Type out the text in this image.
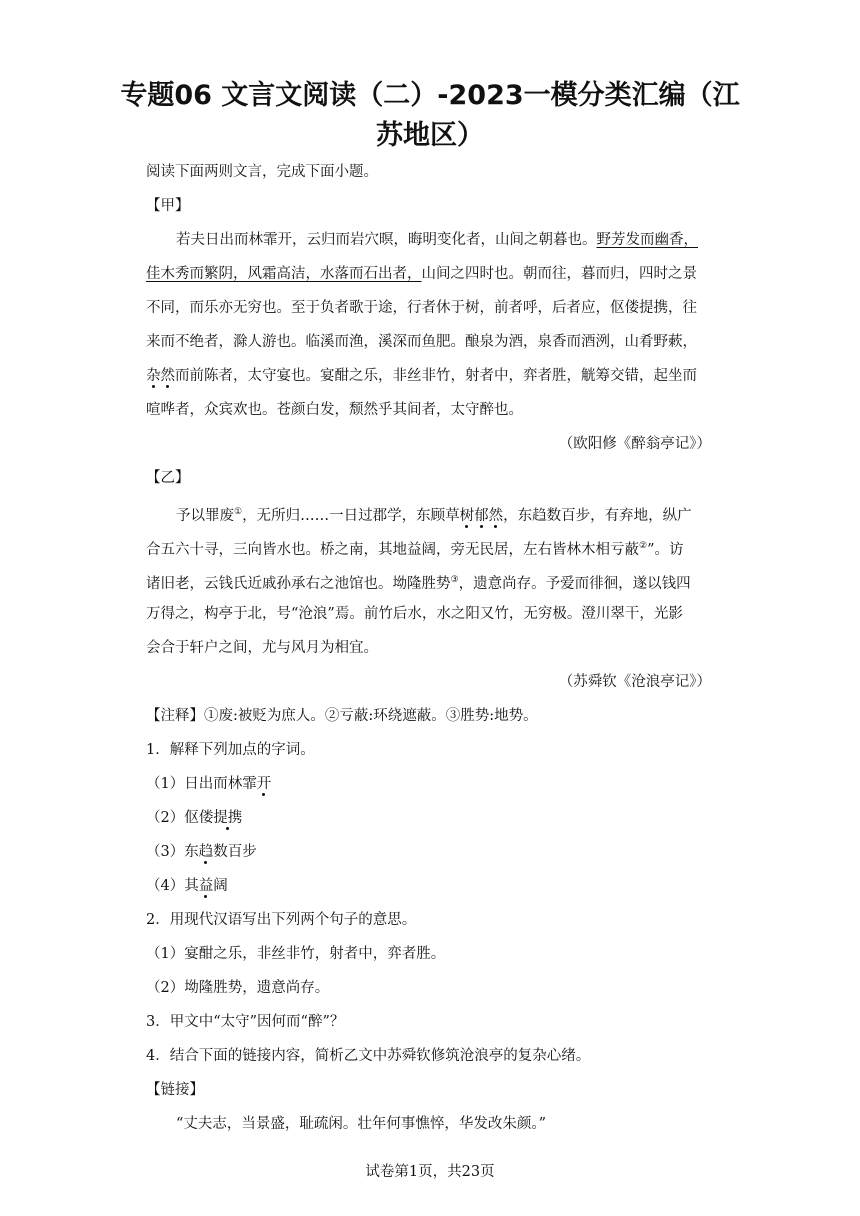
专题06 文言文阅读（二）-2023一模分类汇编（江
苏地区）
阅读下面两则文言，完成下面小题。
【甲】
若夫日出而林霏开，云归而岩穴暝，晦明变化者，山间之朝暮也。野芳发而幽香，
佳木秀而繁阴，风霜高洁，水落而石出者，山间之四时也。朝而往，暮而归，四时之景
不同，而乐亦无穷也。至于负者歌于途，行者休于树，前者呼，后者应，伛偻提携，往
来而不绝者，滁人游也。临溪而渔，溪深而鱼肥。酿泉为酒，泉香而酒洌，山肴野蔌，
杂然而前陈者，太守宴也。宴酣之乐，非丝非竹，射者中，弈者胜，觥筹交错，起坐而
喧哗者，众宾欢也。苍颜白发，颓然乎其间者，太守醉也。
（欧阳修《醉翁亭记》）
【乙】
予以罪废①，无所归……一日过郡学，东顾草树郁然，东趋数百步，有弃地，纵广
合五六十寻，三向皆水也。桥之南，其地益阔，旁无民居，左右皆林木相亏蔽②”。访
诸旧老，云钱氏近戚孙承右之池馆也。坳隆胜势③，遗意尚存。予爱而徘徊，遂以钱四
万得之，构亭于北，号“沧浪”焉。前竹后水，水之阳又竹，无穷极。澄川翠干，光影
会合于轩户之间，尤与风月为相宜。
（苏舜钦《沧浪亭记》）
【注释】①废:被贬为庶人。②亏蔽:环绕遮蔽。③胜势:地势。
1．解释下列加点的字词。
（1）日出而林霏开
（2）伛偻提携
（3）东趋数百步
（4）其益阔
2．用现代汉语写出下列两个句子的意思。
（1）宴酣之乐，非丝非竹，射者中，弈者胜。
（2）坳隆胜势，遗意尚存。
3．甲文中“太守”因何而“醉”？
4．结合下面的链接内容，简析乙文中苏舜钦修筑沧浪亭的复杂心绪。
试卷第1页，共23页
【链接】
“丈夫志，当景盛，耻疏闲。壮年何事憔悴，华发改朱颜。”
